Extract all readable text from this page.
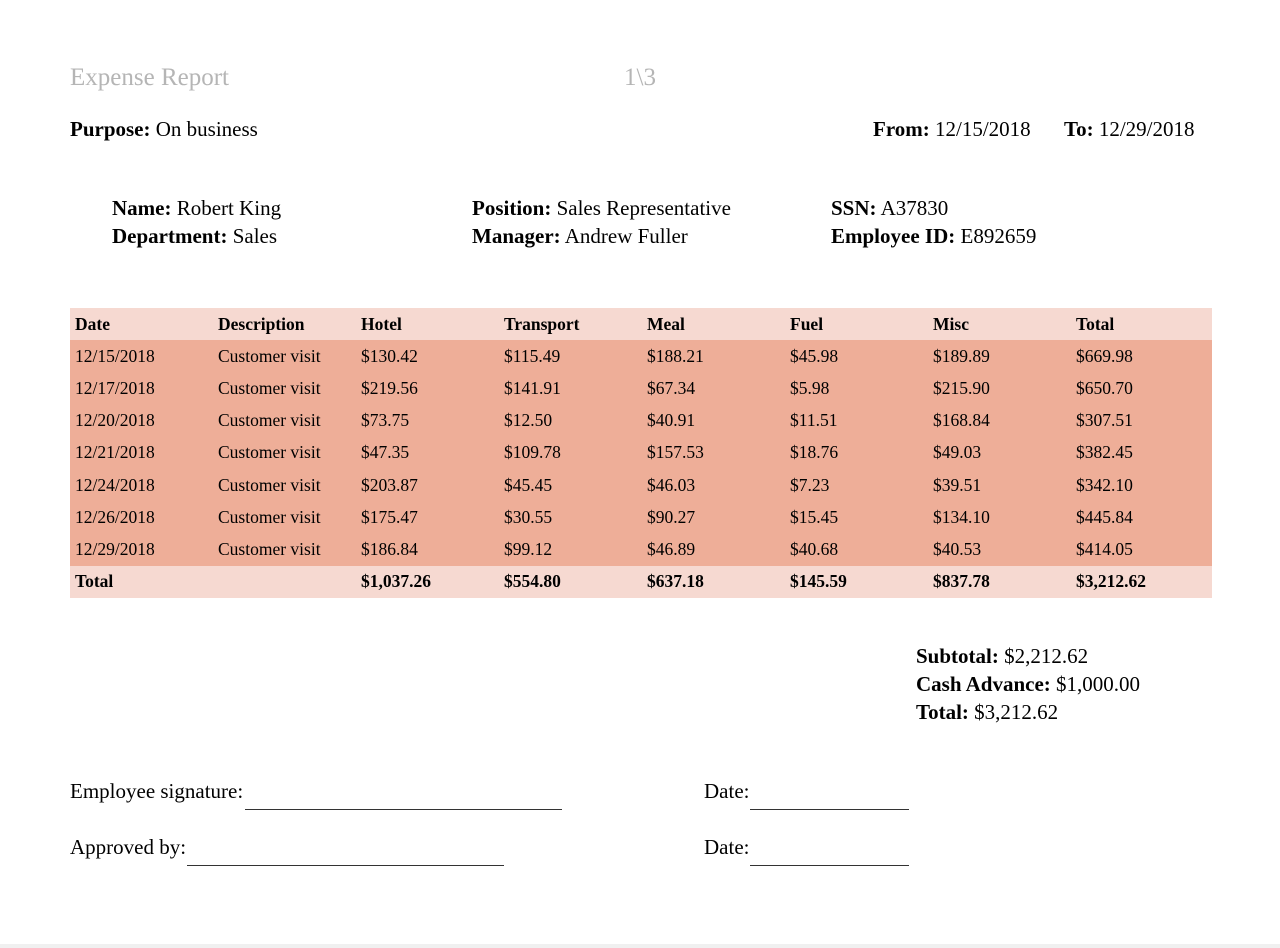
Expense Report	1\3
Purpose: On business	From: 12/15/2018 To: 12/29/2018
Name: Robert King
Department: Sales
Position: Sales Representative
Manager: Andrew Fuller
SSN: A37830
Employee ID: E892659
Date	Description	Hotel	Transport	Meal	Fuel	Misc	Total
12/15/2018	Customer visit	$130.42	$115.49	$188.21	$45.98	$189.89	$669.98
12/17/2018	Customer visit	$219.56	$141.91	$67.34	$5.98	$215.90	$650.70
12/20/2018	Customer visit	$73.75	$12.50	$40.91	$11.51	$168.84	$307.51
12/21/2018	Customer visit	$47.35	$109.78	$157.53	$18.76	$49.03	$382.45
12/24/2018	Customer visit	$203.87	$45.45	$46.03	$7.23	$39.51	$342.10
12/26/2018	Customer visit	$175.47	$30.55	$90.27	$15.45	$134.10	$445.84
12/29/2018	Customer visit	$186.84	$99.12	$46.89	$40.68	$40.53	$414.05
Total		$1,037.26	$554.80	$637.18	$145.59	$837.78	$3,212.62
Subtotal: $2,212.62
Cash Advance: $1,000.00
Total: $3,212.62
Employee signature:	Date:
Approved by:	Date:
